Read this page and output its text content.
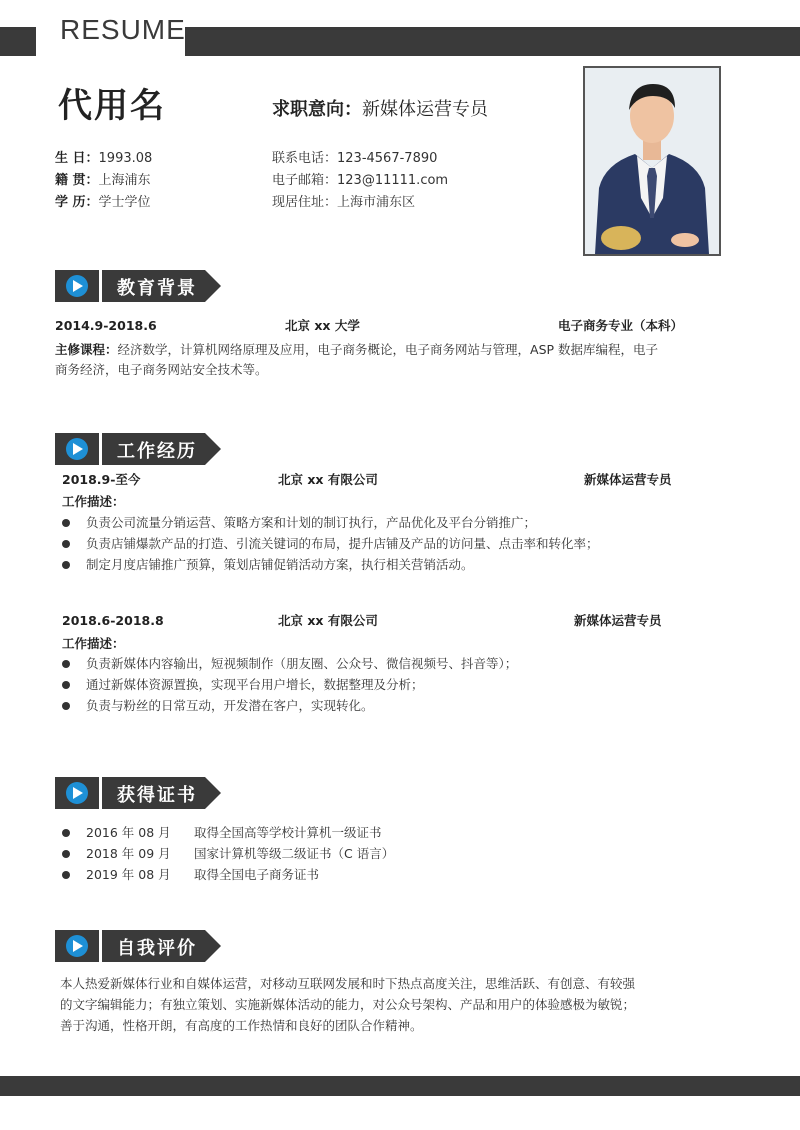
RESUME
代用名	求职意向：新媒体运营专员
生 日：1993.08
籍 贯：上海浦东
学 历：学士学位
联系电话：123-4567-7890
电子邮箱：123@11111.com
现居住址：上海市浦东区
教育背景
2014.9-2018.6	北京 xx 大学	电子商务专业（本科）
主修课程：经济数学，计算机网络原理及应用，电子商务概论，电子商务网站与管理，ASP 数据库编程，电子
商务经济，电子商务网站安全技术等。
工作经历
2018.9-至今	北京 xx 有限公司	新媒体运营专员
工作描述：
负责公司流量分销运营、策略方案和计划的制订执行，产品优化及平台分销推广；
负责店铺爆款产品的打造、引流关键词的布局，提升店铺及产品的访问量、点击率和转化率；
制定月度店铺推广预算，策划店铺促销活动方案，执行相关营销活动。
2018.6-2018.8	北京 xx 有限公司	新媒体运营专员
工作描述：
负责新媒体内容输出，短视频制作（朋友圈、公众号、微信视频号、抖音等）；
通过新媒体资源置换，实现平台用户增长，数据整理及分析；
负责与粉丝的日常互动，开发潜在客户，实现转化。
获得证书
2016 年 08 月 取得全国高等学校计算机一级证书
2018 年 09 月 国家计算机等级二级证书（C 语言）
2019 年 08 月 取得全国电子商务证书
自我评价
本人热爱新媒体行业和自媒体运营，对移动互联网发展和时下热点高度关注，思维活跃、有创意、有较强
的文字编辑能力；有独立策划、实施新媒体活动的能力，对公众号架构、产品和用户的体验感极为敏锐；
善于沟通，性格开朗，有高度的工作热情和良好的团队合作精神。
